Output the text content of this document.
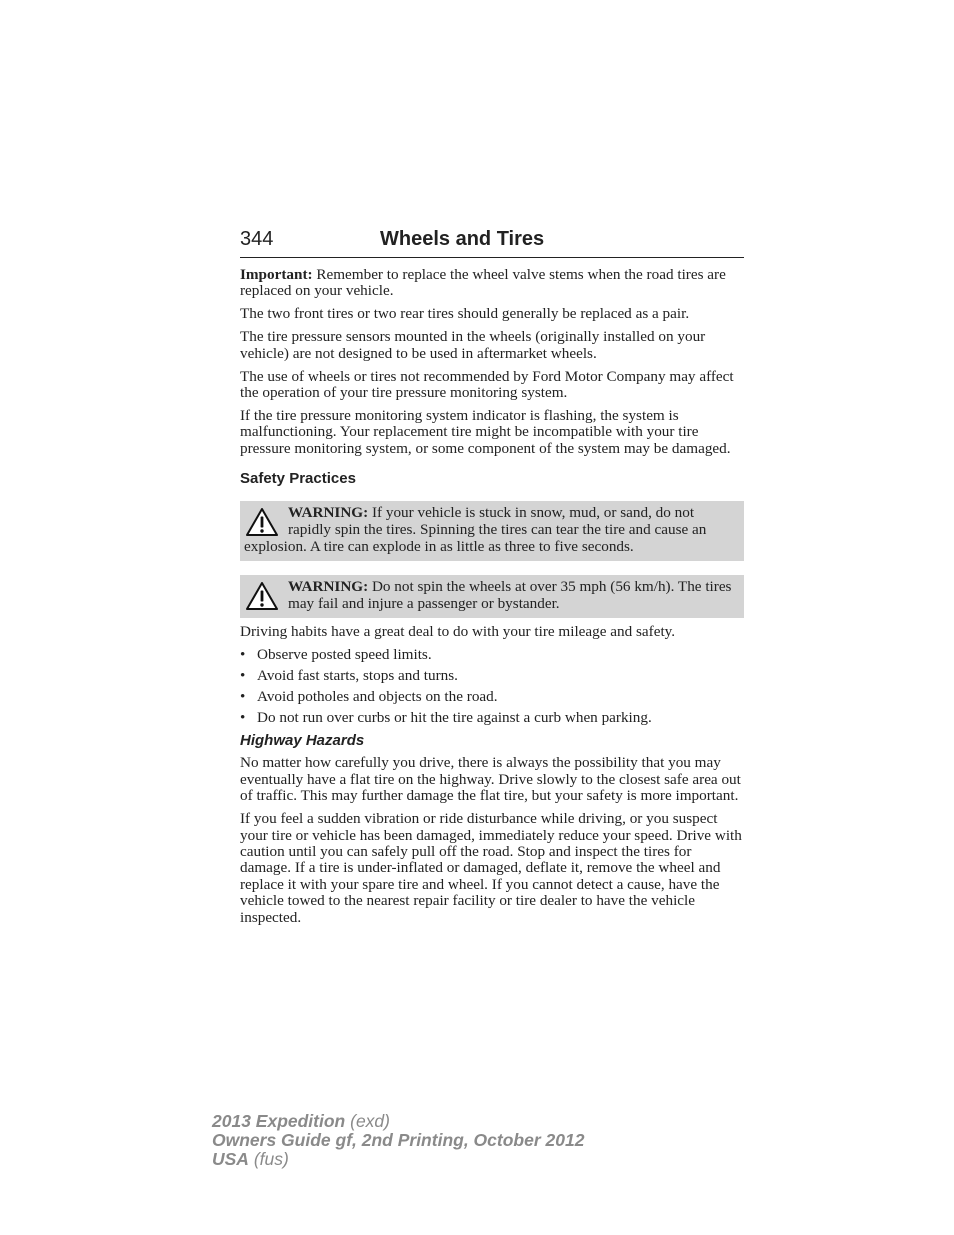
344	Wheels and Tires

Important: Remember to replace the wheel valve stems when the road tires are replaced on your vehicle.

The two front tires or two rear tires should generally be replaced as a pair.

The tire pressure sensors mounted in the wheels (originally installed on your vehicle) are not designed to be used in aftermarket wheels.

The use of wheels or tires not recommended by Ford Motor Company may affect the operation of your tire pressure monitoring system.

If the tire pressure monitoring system indicator is flashing, the system is malfunctioning. Your replacement tire might be incompatible with your tire pressure monitoring system, or some component of the system may be damaged.

Safety Practices
WARNING: If your vehicle is stuck in snow, mud, or sand, do not rapidly spin the tires. Spinning the tires can tear the tire and cause an explosion. A tire can explode in as little as three to five seconds.
WARNING: Do not spin the wheels at over 35 mph (56 km/h). The tires may fail and injure a passenger or bystander.

Driving habits have a great deal to do with your tire mileage and safety.

• Observe posted speed limits.
• Avoid fast starts, stops and turns.
• Avoid potholes and objects on the road.
• Do not run over curbs or hit the tire against a curb when parking.
Highway Hazards

No matter how carefully you drive, there is always the possibility that you may eventually have a flat tire on the highway. Drive slowly to the closest safe area out of traffic. This may further damage the flat tire, but your safety is more important.

If you feel a sudden vibration or ride disturbance while driving, or you suspect your tire or vehicle has been damaged, immediately reduce your speed. Drive with caution until you can safely pull off the road. Stop and inspect the tires for damage. If a tire is under-inflated or damaged, deflate it, remove the wheel and replace it with your spare tire and wheel. If you cannot detect a cause, have the vehicle towed to the nearest repair facility or tire dealer to have the vehicle inspected.

2013 Expedition (exd)
Owners Guide gf, 2nd Printing, October 2012
USA (fus)
